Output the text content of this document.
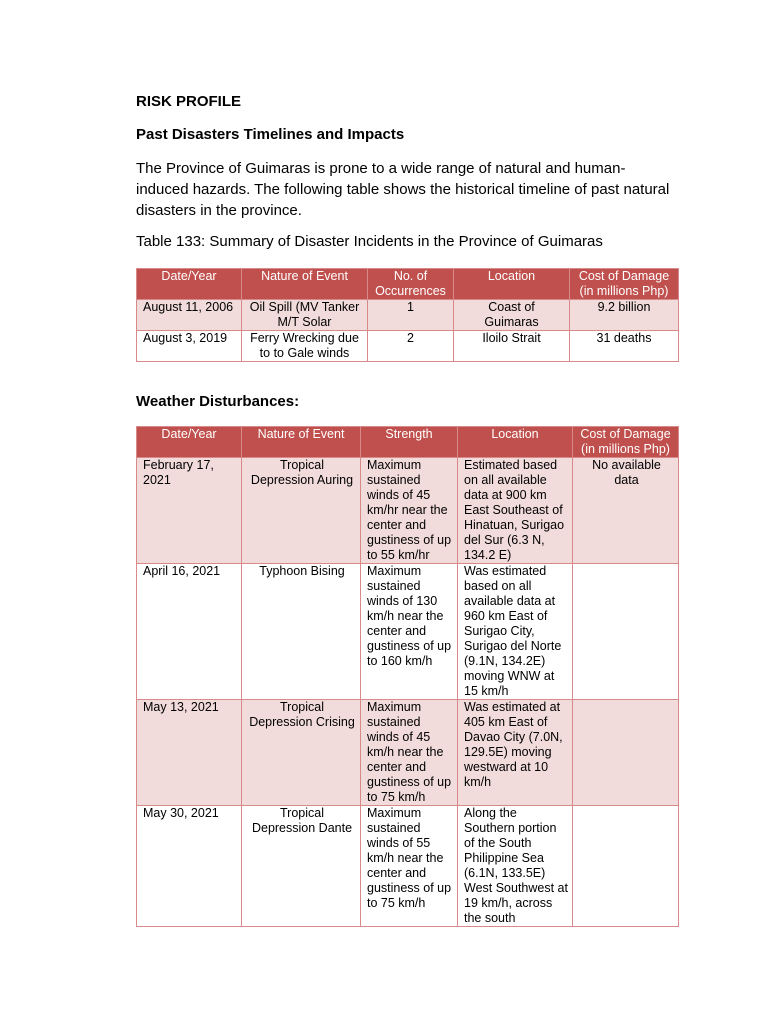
RISK PROFILE
Past Disasters Timelines and Impacts
The Province of Guimaras is prone to a wide range of natural and human-induced hazards. The following table shows the historical timeline of past natural disasters in the province.
Table 133: Summary of Disaster Incidents in the Province of Guimaras
Date/Year	Nature of Event	No. of Occurrences	Location	Cost of Damage (in millions Php)
August 11, 2006	Oil Spill (MV Tanker M/T Solar	1	Coast of Guimaras	9.2 billion
August 3, 2019	Ferry Wrecking due to to Gale winds	2	Iloilo Strait	31 deaths
Weather Disturbances:
Date/Year	Nature of Event	Strength	Location	Cost of Damage (in millions Php)
February 17, 2021	Tropical Depression Auring	Maximum sustained winds of 45 km/hr near the center and gustiness of up to 55 km/hr	Estimated based on all available data at 900 km East Southeast of Hinatuan, Surigao del Sur (6.3 N, 134.2 E)	No available data
April 16, 2021	Typhoon Bising	Maximum sustained winds of 130 km/h near the center and gustiness of up to 160 km/h	Was estimated based on all available data at 960 km East of Surigao City, Surigao del Norte (9.1N, 134.2E) moving WNW at 15 km/h	
May 13, 2021	Tropical Depression Crising	Maximum sustained winds of 45 km/h near the center and gustiness of up to 75 km/h	Was estimated at 405 km East of Davao City (7.0N, 129.5E) moving westward at 10 km/h	
May 30, 2021	Tropical Depression Dante	Maximum sustained winds of 55 km/h near the center and gustiness of up to 75 km/h	Along the Southern portion of the South Philippine Sea (6.1N, 133.5E) West Southwest at 19 km/h, across the south	
